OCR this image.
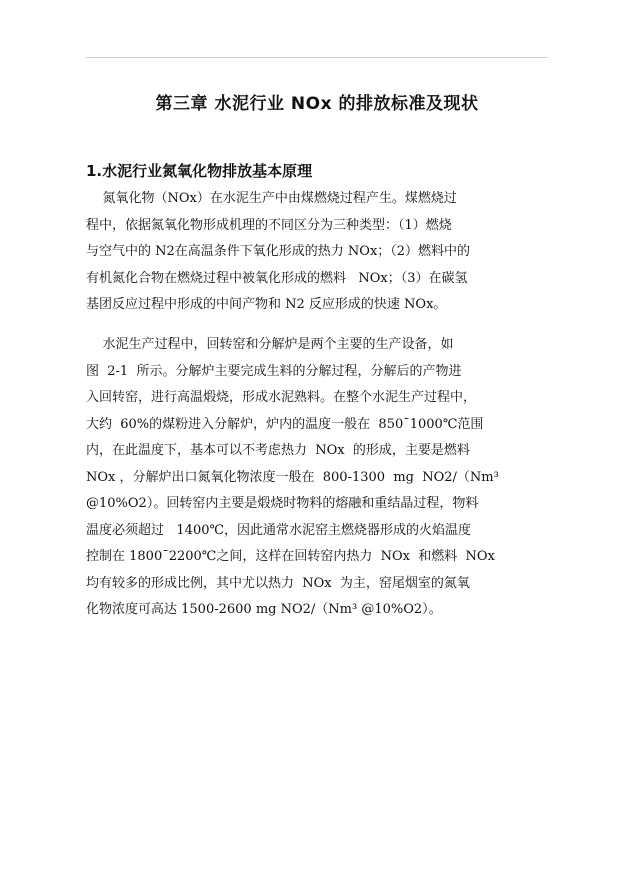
第三章 水泥行业 NOx 的排放标准及现状
1.水泥行业氮氧化物排放基本原理
氮氧化物（NOx）在水泥生产中由煤燃烧过程产生。煤燃烧过
程中，依据氮氧化物形成机理的不同区分为三种类型：（1）燃烧
与空气中的 N2在高温条件下氧化形成的热力 NOx；（2）燃料中的
有机氮化合物在燃烧过程中被氧化形成的燃料   NOx；（3）在碳氢
基团反应过程中形成的中间产物和 N2 反应形成的快速 NOx。
水泥生产过程中，回转窑和分解炉是两个主要的生产设备，如
图  2-1  所示。分解炉主要完成生料的分解过程，分解后的产物进
入回转窑，进行高温煅烧，形成水泥熟料。在整个水泥生产过程中，
大约  60%的煤粉进入分解炉，炉内的温度一般在  850¯1000℃范围
内，在此温度下，基本可以不考虑热力  NOx  的形成，主要是燃料
NOx ，分解炉出口氮氧化物浓度一般在  800-1300  mg  NO2/（Nm³
@10%O2）。回转窑内主要是煅烧时物料的熔融和重结晶过程，物料
温度必须超过   1400℃，因此通常水泥窑主燃烧器形成的火焰温度
控制在 1800¯2200℃之间，这样在回转窑内热力  NOx  和燃料  NOx
均有较多的形成比例，其中尤以热力  NOx  为主，窑尾烟室的氮氧
化物浓度可高达 1500-2600 mg NO2/（Nm³ @10%O2）。
